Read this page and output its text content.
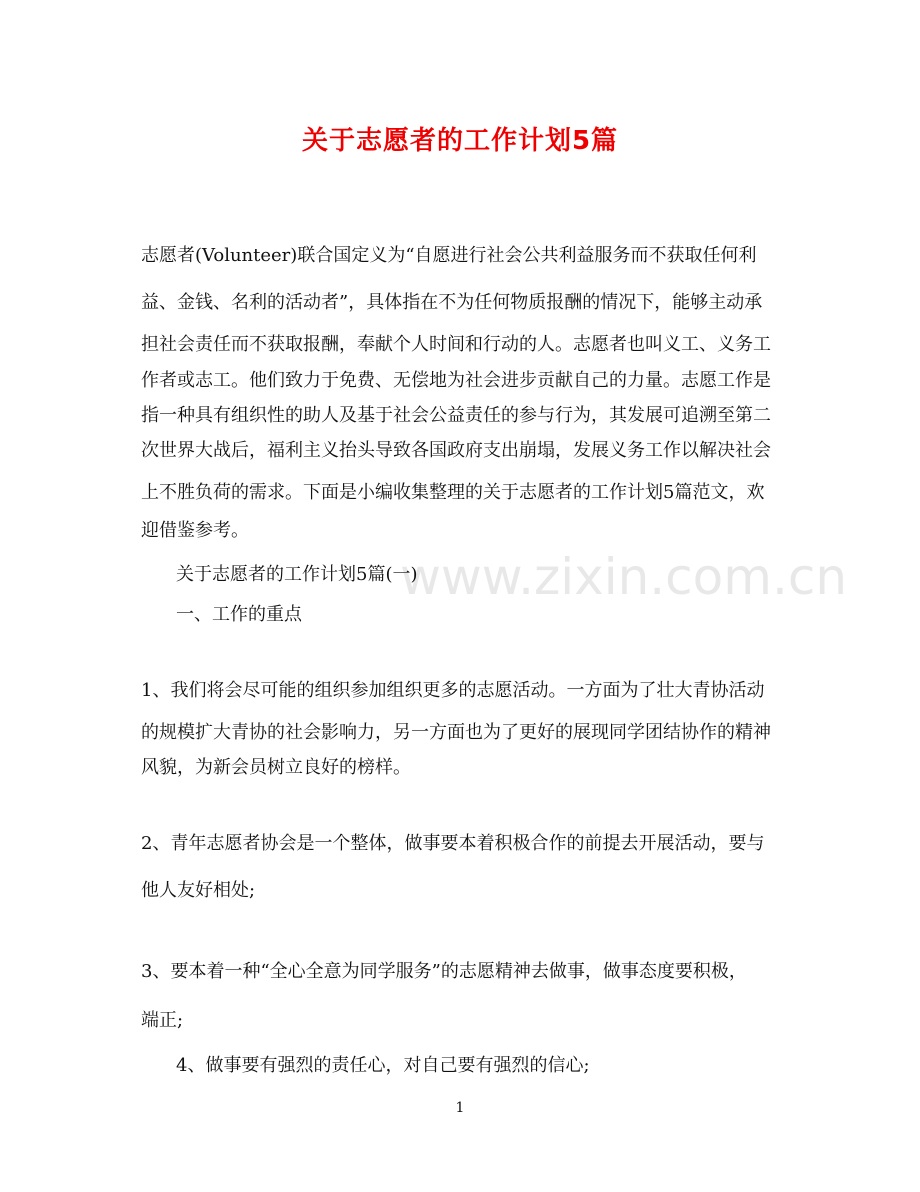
关于志愿者的工作计划5篇
www.zixin.com.cn
志愿者(Volunteer)联合国定义为“自愿进行社会公共利益服务而不获取任何利
益、金钱、名利的活动者”，具体指在不为任何物质报酬的情况下，能够主动承
担社会责任而不获取报酬，奉献个人时间和行动的人。志愿者也叫义工、义务工
作者或志工。他们致力于免费、无偿地为社会进步贡献自己的力量。志愿工作是
指一种具有组织性的助人及基于社会公益责任的参与行为，其发展可追溯至第二
次世界大战后，福利主义抬头导致各国政府支出崩塌，发展义务工作以解决社会
上不胜负荷的需求。下面是小编收集整理的关于志愿者的工作计划5篇范文，欢
迎借鉴参考。
关于志愿者的工作计划5篇(一)
一、工作的重点
1、我们将会尽可能的组织参加组织更多的志愿活动。一方面为了壮大青协活动
的规模扩大青协的社会影响力，另一方面也为了更好的展现同学团结协作的精神
风貌，为新会员树立良好的榜样。
2、青年志愿者协会是一个整体，做事要本着积极合作的前提去开展活动，要与
他人友好相处;
3、要本着一种“全心全意为同学服务”的志愿精神去做事，做事态度要积极，
端正;
4、做事要有强烈的责任心，对自己要有强烈的信心;
1
